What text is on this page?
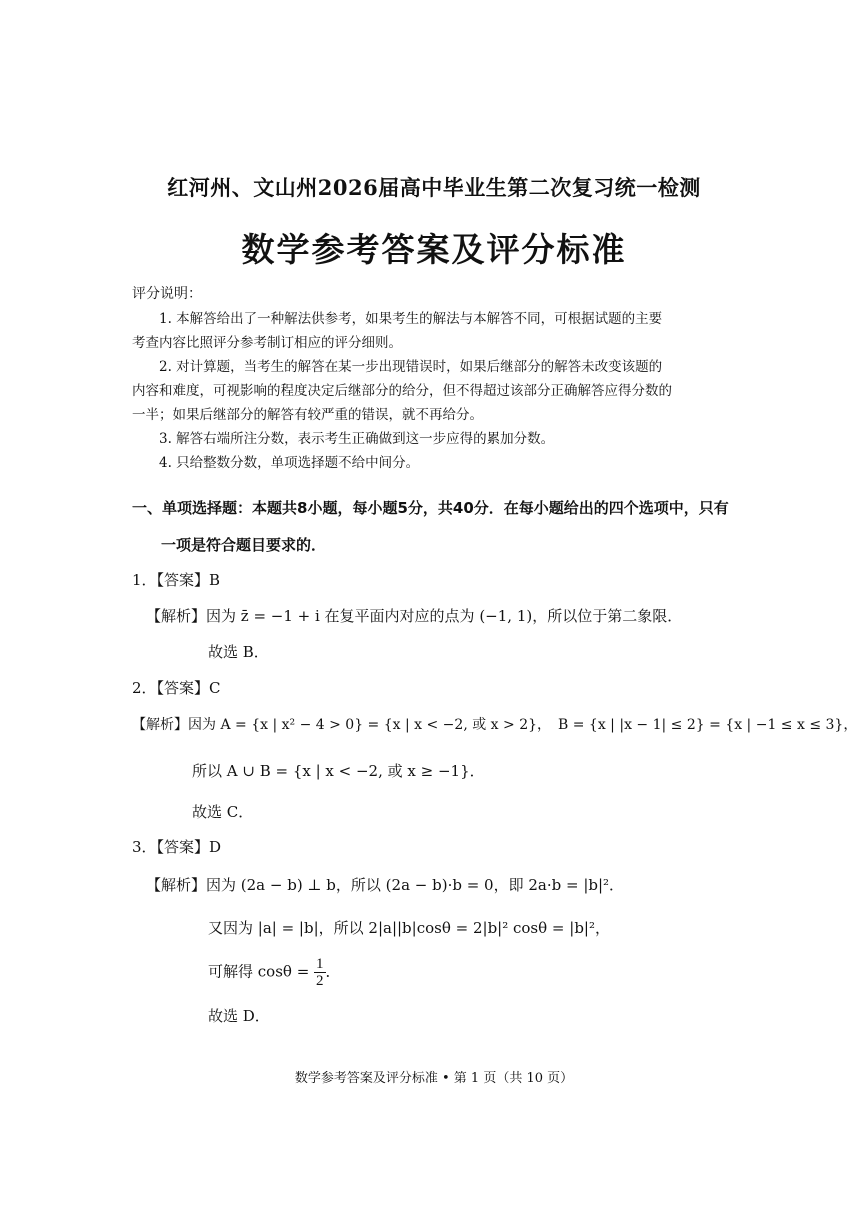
红河州、文山州2026届高中毕业生第二次复习统一检测
数学参考答案及评分标准
评分说明：
1. 本解答给出了一种解法供参考，如果考生的解法与本解答不同，可根据试题的主要
考查内容比照评分参考制订相应的评分细则。
2. 对计算题，当考生的解答在某一步出现错误时，如果后继部分的解答未改变该题的
内容和难度，可视影响的程度决定后继部分的给分，但不得超过该部分正确解答应得分数的
一半；如果后继部分的解答有较严重的错误，就不再给分。
3. 解答右端所注分数，表示考生正确做到这一步应得的累加分数。
4. 只给整数分数，单项选择题不给中间分。
一、单项选择题：本题共8小题，每小题5分，共40分．在每小题给出的四个选项中，只有
一项是符合题目要求的．
1．【答案】B
【解析】因为 z̄ = −1 + i 在复平面内对应的点为 (−1, 1)，所以位于第二象限．
故选 B．
2．【答案】C
【解析】因为 A = {x | x² − 4 > 0} = {x | x < −2, 或 x > 2}，　B = {x | |x − 1| ≤ 2} = {x | −1 ≤ x ≤ 3}，
所以 A ∪ B = {x | x < −2, 或 x ≥ −1}．
故选 C．
3．【答案】D
【解析】因为 (2a − b) ⊥ b，所以 (2a − b)·b = 0，即 2a·b = |b|²．
又因为 |a| = |b|，所以 2|a||b|cosθ = 2|b|² cosθ = |b|²，
可解得 $\cos\theta = \frac{1}{2}$ ．
故选 D．
数学参考答案及评分标准 • 第 1 页（共 10 页）
